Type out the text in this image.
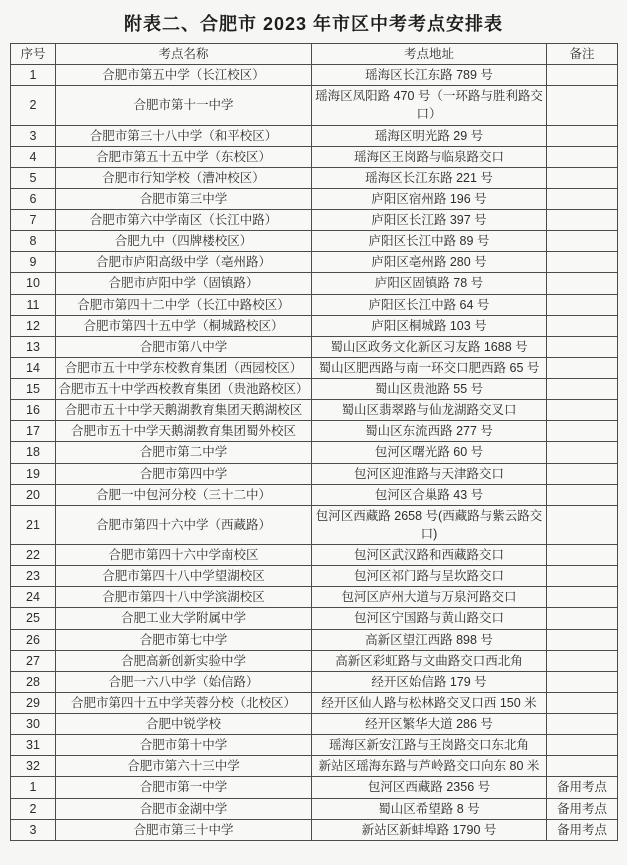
附表二、合肥市 2023 年市区中考考点安排表
序号	考点名称	考点地址	备注
1	合肥市第五中学（长江校区）	瑶海区长江东路 789 号	
2	合肥市第十一中学	瑶海区凤阳路 470 号（一环路与胜利路交口）	
3	合肥市第三十八中学（和平校区）	瑶海区明光路 29 号	
4	合肥市第五十五中学（东校区）	瑶海区王岗路与临泉路交口	
5	合肥市行知学校（漕冲校区）	瑶海区长江东路 221 号	
6	合肥市第三中学	庐阳区宿州路 196 号	
7	合肥市第六中学南区（长江中路）	庐阳区长江路 397 号	
8	合肥九中（四牌楼校区）	庐阳区长江中路 89 号	
9	合肥市庐阳高级中学（亳州路）	庐阳区亳州路 280 号	
10	合肥市庐阳中学（固镇路）	庐阳区固镇路 78 号	
11	合肥市第四十二中学（长江中路校区）	庐阳区长江中路 64 号	
12	合肥市第四十五中学（桐城路校区）	庐阳区桐城路 103 号	
13	合肥市第八中学	蜀山区政务文化新区习友路 1688 号	
14	合肥市五十中学东校教育集团（西园校区）	蜀山区肥西路与南一环交口肥西路 65 号	
15	合肥市五十中学西校教育集团（贵池路校区）	蜀山区贵池路 55 号	
16	合肥市五十中学天鹅湖教育集团天鹅湖校区	蜀山区翡翠路与仙龙湖路交叉口	
17	合肥市五十中学天鹅湖教育集团蜀外校区	蜀山区东流西路 277 号	
18	合肥市第二中学	包河区曙光路 60 号	
19	合肥市第四中学	包河区迎淮路与天津路交口	
20	合肥一中包河分校（三十二中）	包河区合巢路 43 号	
21	合肥市第四十六中学（西藏路）	包河区西藏路 2658 号(西藏路与紫云路交口)	
22	合肥市第四十六中学南校区	包河区武汉路和西藏路交口	
23	合肥市第四十八中学望湖校区	包河区祁门路与呈坎路交口	
24	合肥市第四十八中学滨湖校区	包河区庐州大道与万泉河路交口	
25	合肥工业大学附属中学	包河区宁国路与黄山路交口	
26	合肥市第七中学	高新区望江西路 898 号	
27	合肥高新创新实验中学	高新区彩虹路与文曲路交口西北角	
28	合肥一六八中学（始信路）	经开区始信路 179 号	
29	合肥市第四十五中学芙蓉分校（北校区）	经开区仙人路与松林路交叉口西 150 米	
30	合肥中锐学校	经开区繁华大道 286 号	
31	合肥市第十中学	瑶海区新安江路与王岗路交口东北角	
32	合肥市第六十三中学	新站区瑶海东路与芦岭路交口向东 80 米	
1	合肥市第一中学	包河区西藏路 2356 号	备用考点
2	合肥市金湖中学	蜀山区希望路 8 号	备用考点
3	合肥市第三十中学	新站区新蚌埠路 1790 号	备用考点
